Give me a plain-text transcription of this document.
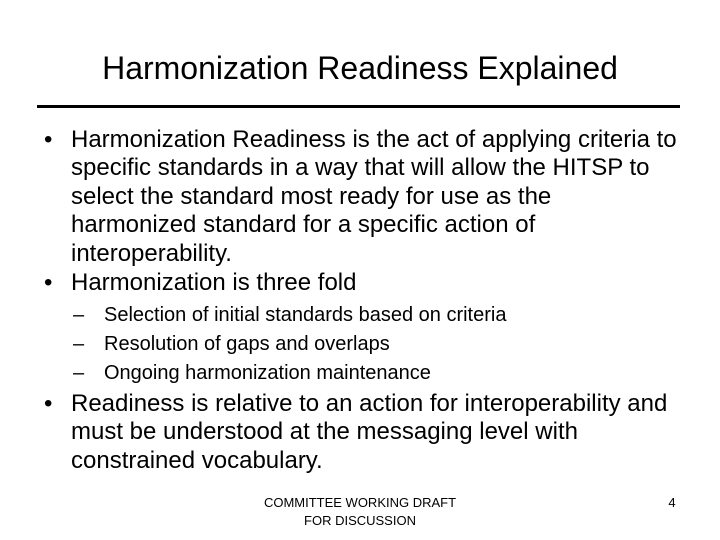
Harmonization Readiness Explained
• Harmonization Readiness is the act of applying criteria to specific standards in a way that will allow the HITSP to select the standard most ready for use as the harmonized standard for a specific action of interoperability.
• Harmonization is three fold
– Selection of initial standards based on criteria
– Resolution of gaps and overlaps
– Ongoing harmonization maintenance
• Readiness is relative to an action for interoperability and must be understood at the messaging level with constrained vocabulary.
COMMITTEE WORKING DRAFT
FOR DISCUSSION
4
